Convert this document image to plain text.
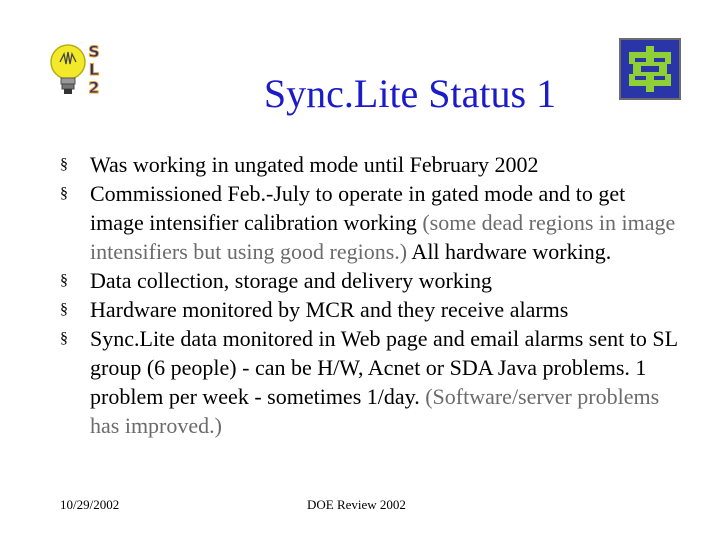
S
L
2	Sync.Lite Status 1
§ Was working in ungated mode until February 2002
§ Commissioned Feb.-July to operate in gated mode and to get image intensifier calibration working (some dead regions in image intensifiers but using good regions.) All hardware working.
§ Data collection, storage and delivery working
§ Hardware monitored by MCR and they receive alarms
§ Sync.Lite data monitored in Web page and email alarms sent to SL group (6 people) - can be H/W, Acnet or SDA Java problems. 1 problem per week - sometimes 1/day. (Software/server problems has improved.)
10/29/2002	DOE Review 2002
